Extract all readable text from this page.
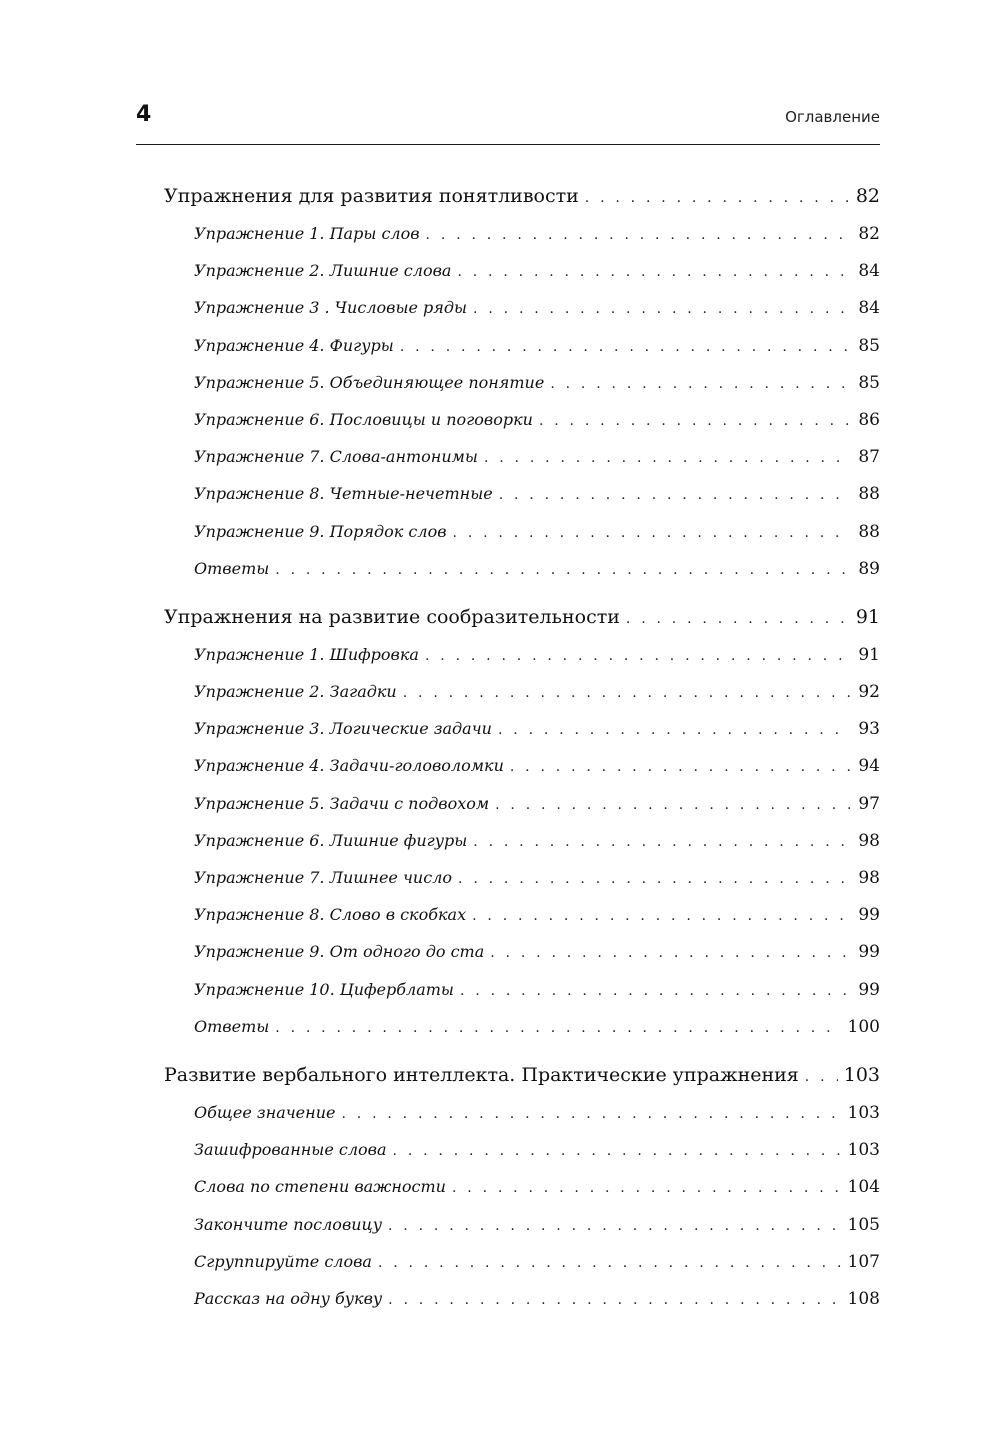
4	Оглавление
Упражнения для развития понятливости . . .	82
Упражнение 1. Пары слов . . .	82
Упражнение 2. Лишние слова . . .	84
Упражнение 3 . Числовые ряды . . .	84
Упражнение 4. Фигуры . . .	85
Упражнение 5. Объединяющее понятие . . .	85
Упражнение 6. Пословицы и поговорки . . .	86
Упражнение 7. Слова-антонимы . . .	87
Упражнение 8. Четные-нечетные . . .	88
Упражнение 9. Порядок слов . . .	88
Ответы . . .	89
Упражнения на развитие сообразительности . . .	91
Упражнение 1. Шифровка . . .	91
Упражнение 2. Загадки . . .	92
Упражнение 3. Логические задачи . . .	93
Упражнение 4. Задачи-головоломки . . .	94
Упражнение 5. Задачи с подвохом . . .	97
Упражнение 6. Лишние фигуры . . .	98
Упражнение 7. Лишнее число . . .	98
Упражнение 8. Слово в скобках . . .	99
Упражнение 9. От одного до ста . . .	99
Упражнение 10. Циферблаты . . .	99
Ответы . . .	100
Развитие вербального интеллекта. Практические упражнения . . . 103
Общее значение . . .	103
Зашифрованные слова . . .	103
Слова по степени важности . . .	104
Закончите пословицу . . .	105
Сгруппируйте слова . . .	107
Рассказ на одну букву . . .	108
